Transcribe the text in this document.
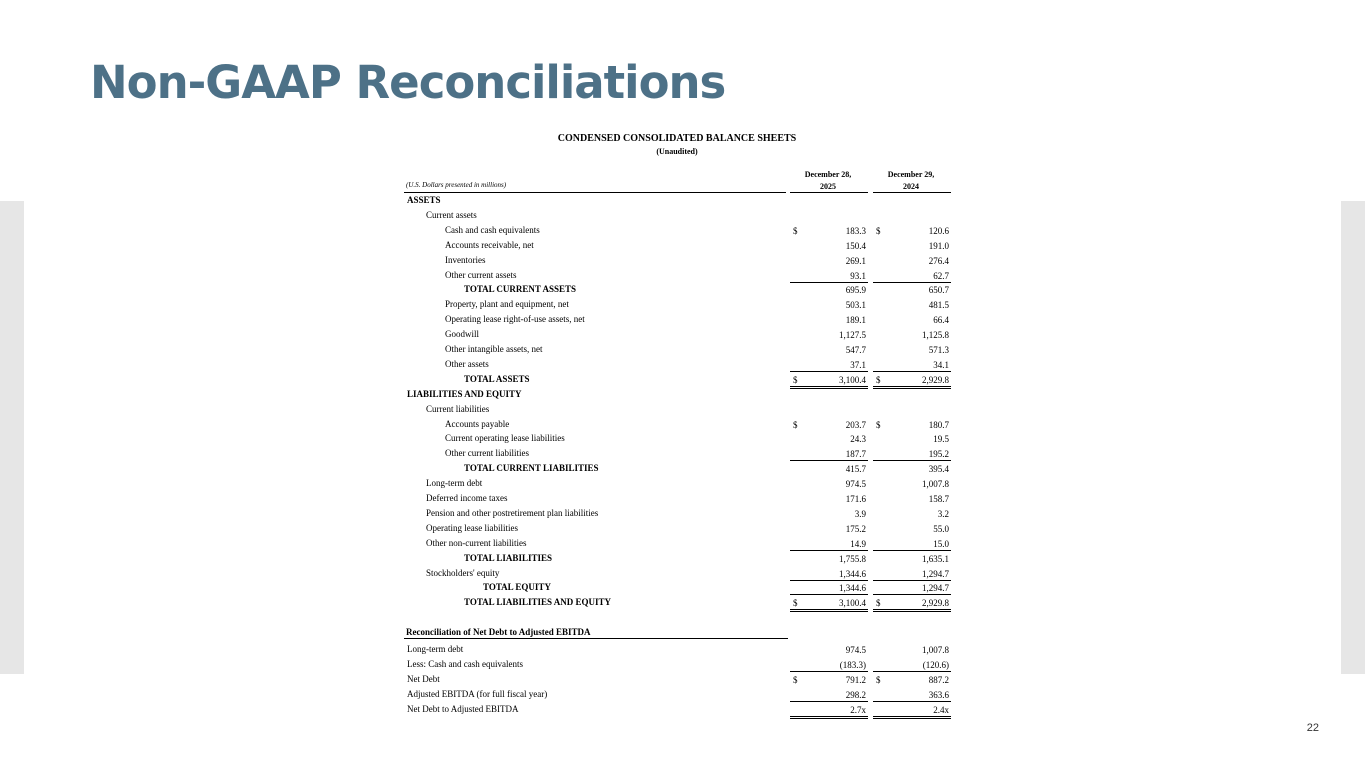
Non-GAAP Reconciliations
CONDENSED CONSOLIDATED BALANCE SHEETS
(Unaudited)
December 28,
2025
December 29,
2024
(U.S. Dollars presented in millions)
ASSETS
Current assets
Cash and cash equivalents	$	183.3 $	120.6
Accounts receivable, net	150.4	191.0
Inventories	269.1	276.4
Other current assets	93.1	62.7
TOTAL CURRENT ASSETS	695.9	650.7
Property, plant and equipment, net	503.1	481.5
Operating lease right-of-use assets, net	189.1	66.4
Goodwill	1,127.5	1,125.8
Other intangible assets, net	547.7	571.3
Other assets	37.1	34.1
TOTAL ASSETS	$	3,100.4 $	2,929.8
LIABILITIES AND EQUITY
Current liabilities
Accounts payable	$	203.7 $	180.7
Current operating lease liabilities	24.3	19.5
Other current liabilities	187.7	195.2
TOTAL CURRENT LIABILITIES	415.7	395.4
Long-term debt	974.5	1,007.8
Deferred income taxes	171.6	158.7
Pension and other postretirement plan liabilities	3.9	3.2
Operating lease liabilities	175.2	55.0
Other non-current liabilities	14.9	15.0
TOTAL LIABILITIES	1,755.8	1,635.1
Stockholders' equity	1,344.6	1,294.7
TOTAL EQUITY	1,344.6	1,294.7
TOTAL LIABILITIES AND EQUITY	$	3,100.4 $	2,929.8
Reconciliation of Net Debt to Adjusted EBITDA
Long-term debt	974.5	1,007.8
Less: Cash and cash equivalents	(183.3)	(120.6)
Net Debt	$	791.2 $	887.2
Adjusted EBITDA (for full fiscal year)	298.2	363.6
Net Debt to Adjusted EBITDA	2.7x	2.4x
22
